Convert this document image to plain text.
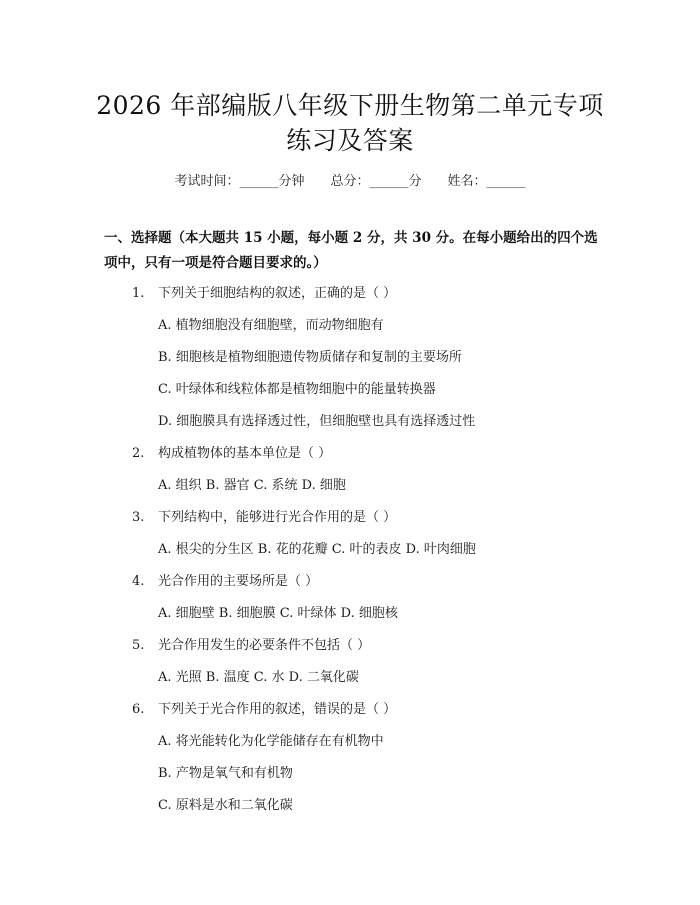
2026 年部编版八年级下册生物第二单元专项
练习及答案
考试时间：______分钟 总分：______分 姓名：______
一、选择题（本大题共 15 小题，每小题 2 分，共 30 分。在每小题给出的四个选
项中，只有一项是符合题目要求的。）
1. 下列关于细胞结构的叙述，正确的是（ ）
A. 植物细胞没有细胞壁，而动物细胞有
B. 细胞核是植物细胞遗传物质储存和复制的主要场所
C. 叶绿体和线粒体都是植物细胞中的能量转换器
D. 细胞膜具有选择透过性，但细胞壁也具有选择透过性
2. 构成植物体的基本单位是（ ）
A. 组织 B. 器官 C. 系统 D. 细胞
3. 下列结构中，能够进行光合作用的是（ ）
A. 根尖的分生区 B. 花的花瓣 C. 叶的表皮 D. 叶肉细胞
4. 光合作用的主要场所是（ ）
A. 细胞壁 B. 细胞膜 C. 叶绿体 D. 细胞核
5. 光合作用发生的必要条件不包括（ ）
A. 光照 B. 温度 C. 水 D. 二氧化碳
6. 下列关于光合作用的叙述，错误的是（ ）
A. 将光能转化为化学能储存在有机物中
B. 产物是氧气和有机物
C. 原料是水和二氧化碳
